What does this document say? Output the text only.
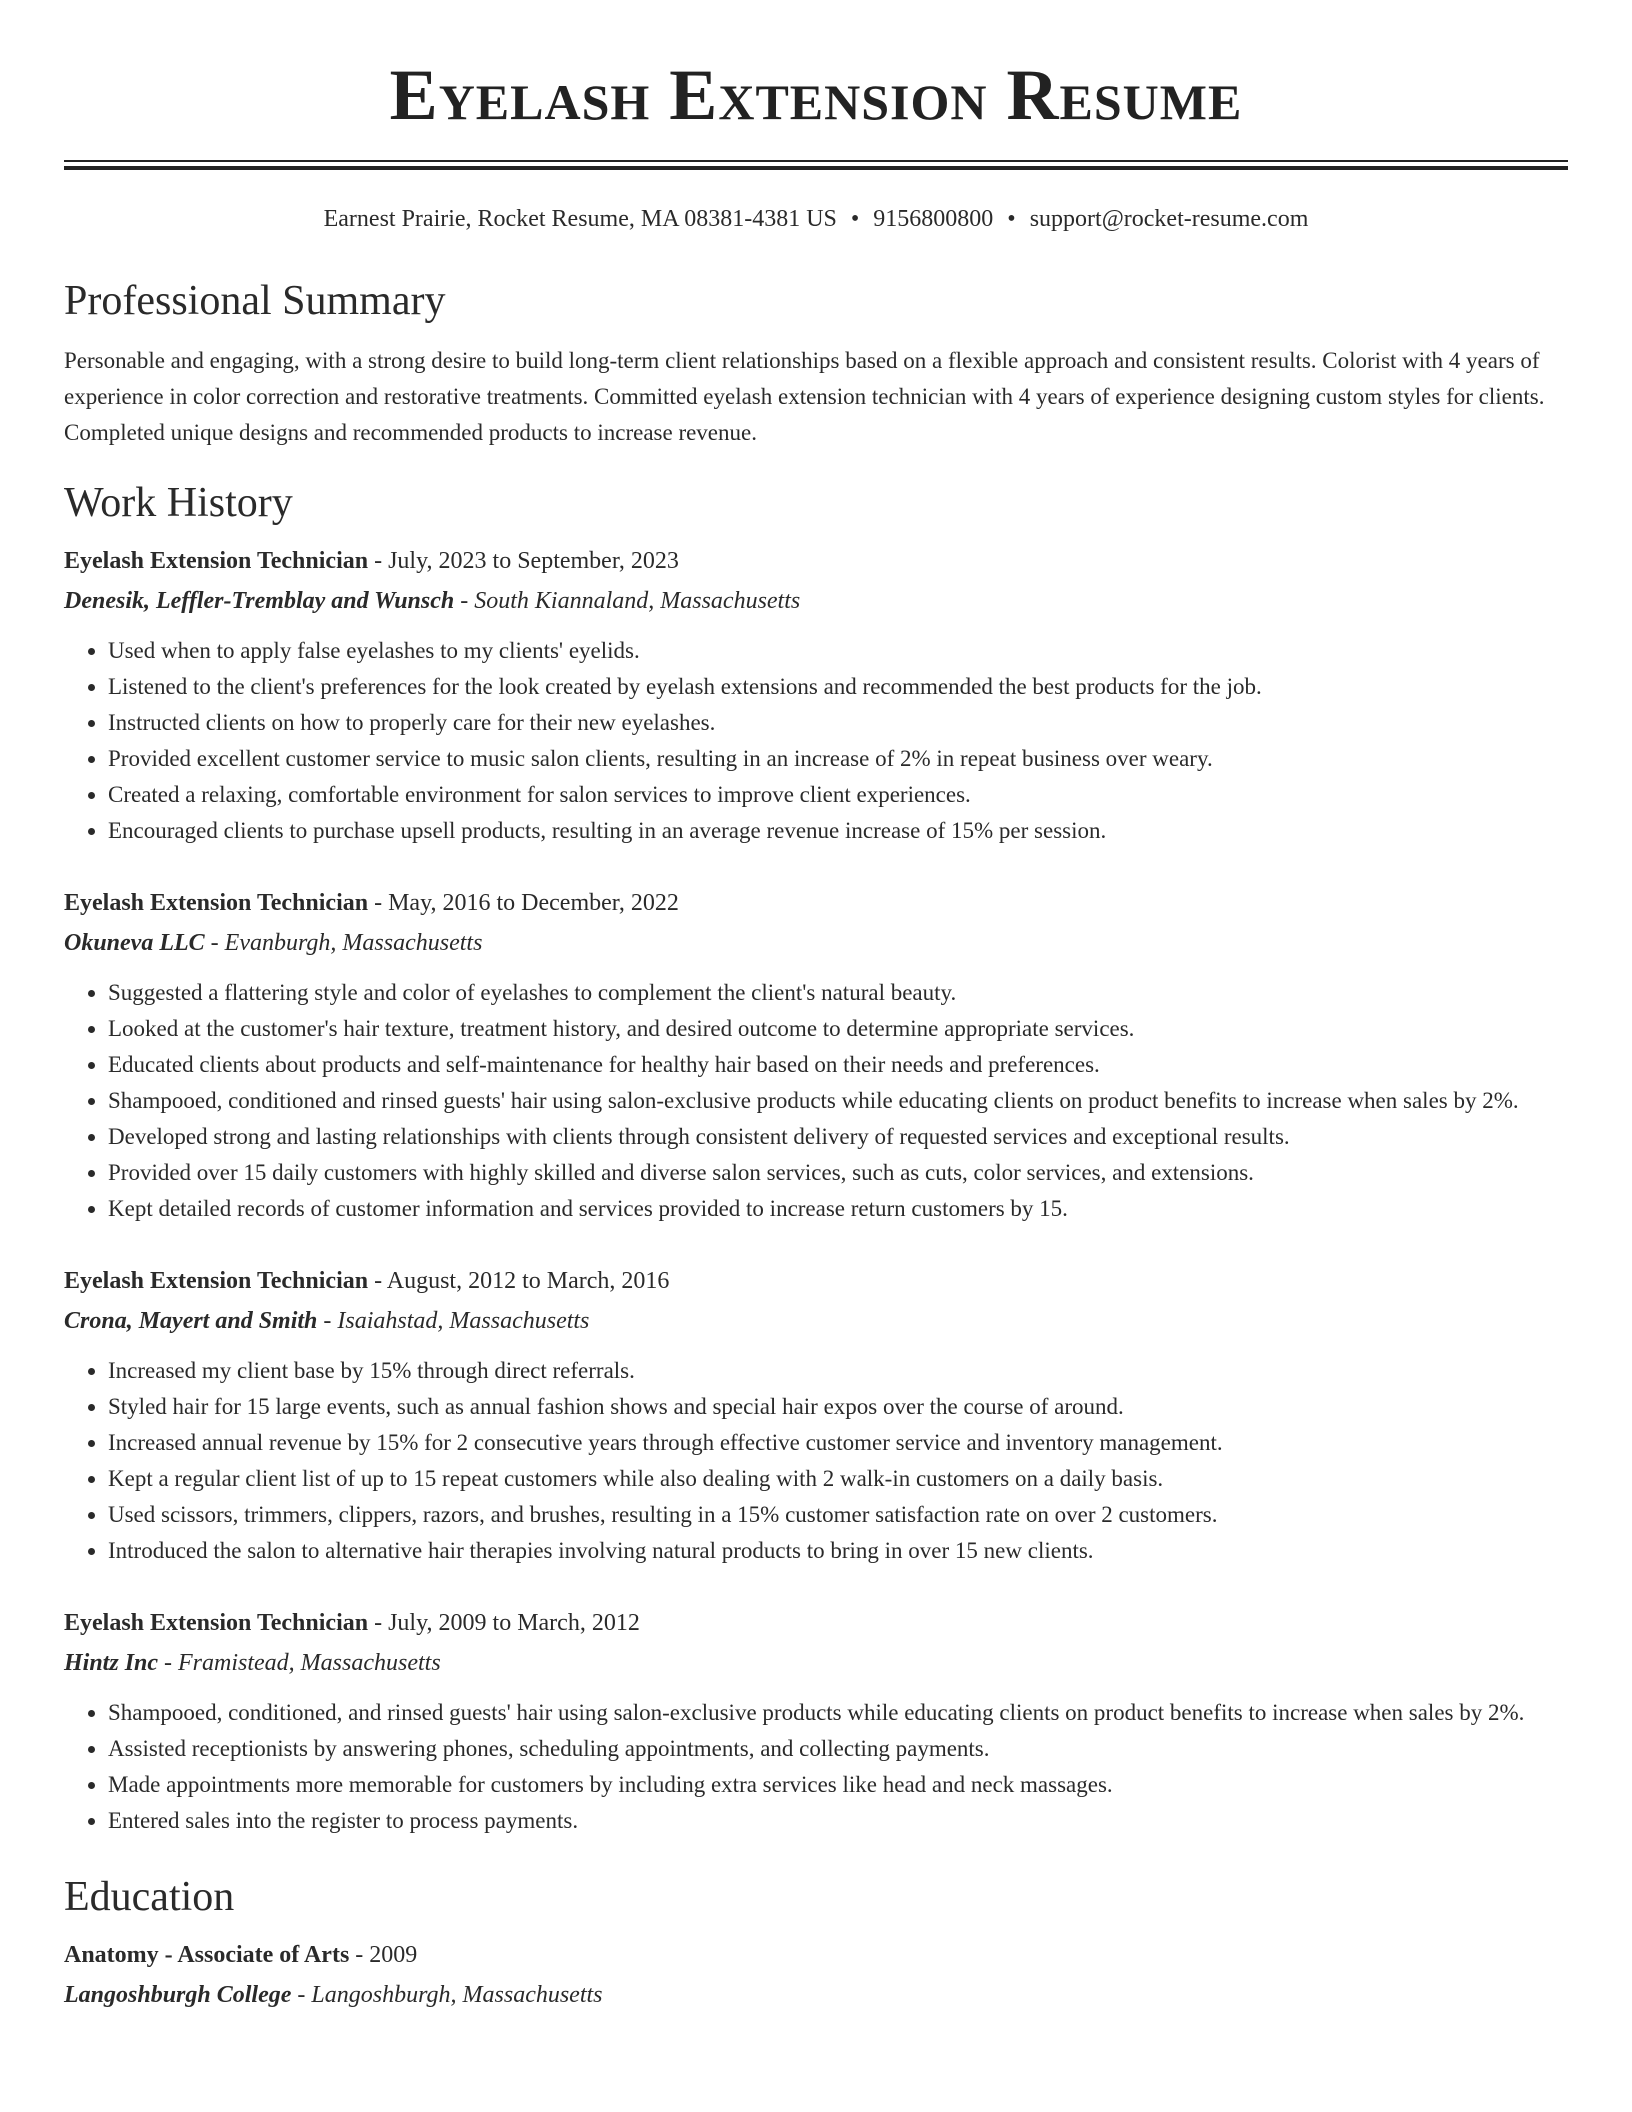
Eyelash Extension Resume
Earnest Prairie, Rocket Resume, MA 08381-4381 US • 9156800800 • support@rocket-resume.com
Professional Summary

Personable and engaging, with a strong desire to build long-term client relationships based on a flexible approach and consistent results. Colorist with 4 years of experience in color correction and restorative treatments. Committed eyelash extension technician with 4 years of experience designing custom styles for clients. Completed unique designs and recommended products to increase revenue.

Work History
Eyelash Extension Technician - July, 2023 to September, 2023
Denesik, Leffler-Tremblay and Wunsch - South Kiannaland, Massachusetts
• Used when to apply false eyelashes to my clients' eyelids.
• Listened to the client's preferences for the look created by eyelash extensions and recommended the best products for the job.
• Instructed clients on how to properly care for their new eyelashes.
• Provided excellent customer service to music salon clients, resulting in an increase of 2% in repeat business over weary.
• Created a relaxing, comfortable environment for salon services to improve client experiences.
• Encouraged clients to purchase upsell products, resulting in an average revenue increase of 15% per session.
Eyelash Extension Technician - May, 2016 to December, 2022
Okuneva LLC - Evanburgh, Massachusetts
• Suggested a flattering style and color of eyelashes to complement the client's natural beauty.
• Looked at the customer's hair texture, treatment history, and desired outcome to determine appropriate services.
• Educated clients about products and self-maintenance for healthy hair based on their needs and preferences.
• Shampooed, conditioned and rinsed guests' hair using salon-exclusive products while educating clients on product benefits to increase when sales by 2%.
• Developed strong and lasting relationships with clients through consistent delivery of requested services and exceptional results.
• Provided over 15 daily customers with highly skilled and diverse salon services, such as cuts, color services, and extensions.
• Kept detailed records of customer information and services provided to increase return customers by 15.
Eyelash Extension Technician - August, 2012 to March, 2016
Crona, Mayert and Smith - Isaiahstad, Massachusetts
• Increased my client base by 15% through direct referrals.
• Styled hair for 15 large events, such as annual fashion shows and special hair expos over the course of around.
• Increased annual revenue by 15% for 2 consecutive years through effective customer service and inventory management.
• Kept a regular client list of up to 15 repeat customers while also dealing with 2 walk-in customers on a daily basis.
• Used scissors, trimmers, clippers, razors, and brushes, resulting in a 15% customer satisfaction rate on over 2 customers.
• Introduced the salon to alternative hair therapies involving natural products to bring in over 15 new clients.
Eyelash Extension Technician - July, 2009 to March, 2012
Hintz Inc - Framistead, Massachusetts
• Shampooed, conditioned, and rinsed guests' hair using salon-exclusive products while educating clients on product benefits to increase when sales by 2%.
• Assisted receptionists by answering phones, scheduling appointments, and collecting payments.
• Made appointments more memorable for customers by including extra services like head and neck massages.
• Entered sales into the register to process payments.
Education
Anatomy - Associate of Arts - 2009
Langoshburgh College - Langoshburgh, Massachusetts
